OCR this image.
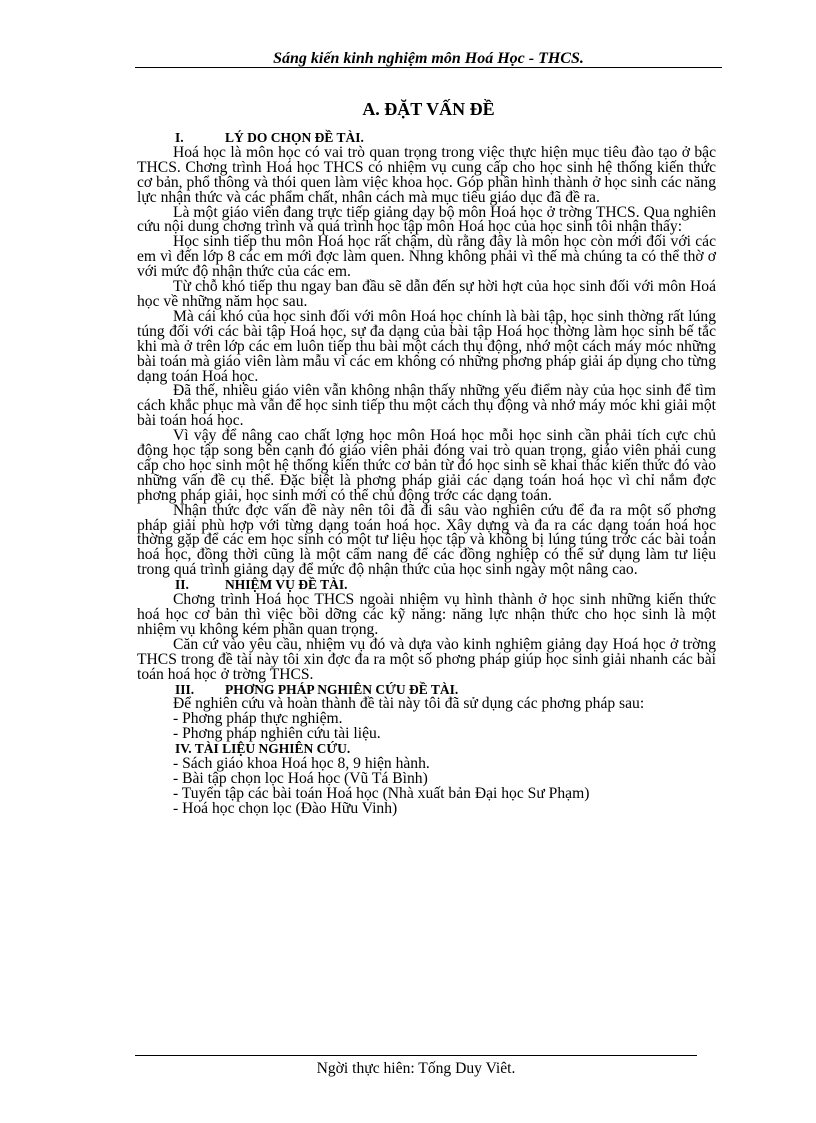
Sáng kiến kinh nghiệm môn Hoá Học - THCS.
A. ĐẶT VẤN ĐỀ
I.	LÝ DO CHỌN ĐỀ TÀI.

Hoá học là môn học có vai trò quan trọng trong việc thực hiện mục tiêu đào tạo ở bậc THCS. Chơng trình Hoá học THCS có nhiệm vụ cung cấp cho học sinh hệ thống kiến thức cơ bản, phổ thông và thói quen làm việc khoa học. Góp phần hình thành ở học sinh các năng lực nhận thức và các phẩm chất, nhân cách mà mục tiêu giáo dục đã đề ra.

Là một giáo viên đang trực tiếp giảng dạy bộ môn Hoá học ở trờng THCS. Qua nghiên cứu nội dung chơng trình và quá trình học tập môn Hoá học của học sinh tôi nhận thấy:

Học sinh tiếp thu môn Hoá học rất chậm, dù rằng đây là môn học còn mới đối với các em vì đến lớp 8 các em mới đợc làm quen. Nhng không phải vì thế mà chúng ta có thể thờ ơ với mức độ nhận thức của các em.

Từ chỗ khó tiếp thu ngay ban đầu sẽ dẫn đến sự hời hợt của học sinh đối với môn Hoá học về những năm học sau.

Mà cái khó của học sinh đối với môn Hoá học chính là bài tập, học sinh thờng rất lúng túng đối với các bài tập Hoá học, sự đa dạng của bài tập Hoá học thờng làm học sinh bế tắc khi mà ở trên lớp các em luôn tiếp thu bài một cách thụ động, nhớ một cách máy móc những bài toán mà giáo viên làm mẫu vì các em không có những phơng pháp giải áp dụng cho từng dạng toán Hoá học.

Đã thế, nhiều giáo viên vẫn không nhận thấy những yếu điểm này của học sinh để tìm cách khắc phục mà vẫn để học sinh tiếp thu một cách thụ động và nhớ máy móc khi giải một bài toán hoá học.

Vì vậy để nâng cao chất lợng học môn Hoá học mỗi học sinh cần phải tích cực chủ động học tập song bên cạnh đó giáo viên phải đóng vai trò quan trọng, giáo viên phải cung cấp cho học sinh một hệ thống kiến thức cơ bản từ đó học sinh sẽ khai thác kiến thức đó vào những vấn đề cụ thể. Đặc biệt là phơng pháp giải các dạng toán hoá học vì chỉ nắm đợc phơng pháp giải, học sinh mới có thể chủ động trớc các dạng toán.

Nhận thức đợc vấn đề này nên tôi đã đi sâu vào nghiên cứu để đa ra một số phơng pháp giải phù hợp với từng dạng toán hoá học. Xây dựng và đa ra các dạng toán hoá học thờng gặp để các em học sinh có một tư liệu học tập và không bị lúng túng trớc các bài toán hoá học, đồng thời cũng là một cẩm nang để các đồng nghiệp có thể sử dụng làm tư liệu trong quá trình giảng dạy để mức độ nhận thức của học sinh ngày một nâng cao.

II.	NHIỆM VỤ ĐỀ TÀI.

Chơng trình Hoá học THCS ngoài nhiệm vụ hình thành ở học sinh những kiến thức hoá học cơ bản thì việc bồi dỡng các kỹ năng: năng lực nhận thức cho học sinh là một nhiệm vụ không kém phần quan trọng.

Căn cứ vào yêu cầu, nhiệm vụ đó và dựa vào kinh nghiệm giảng dạy Hoá học ở trờng THCS trong đề tài này tôi xin đợc đa ra một số phơng pháp giúp học sinh giải nhanh các bài toán hoá học ở trờng THCS.

III. PHƠNG PHÁP NGHIÊN CỨU ĐỀ TÀI.

Để nghiên cứu và hoàn thành đề tài này tôi đã sử dụng các phơng pháp sau:

- Phơng pháp thực nghiệm.
- Phơng pháp nghiên cứu tài liệu.
IV. TÀI LIỆU NGHIÊN CỨU.
- Sách giáo khoa Hoá học 8, 9 hiện hành.
- Bài tập chọn lọc Hoá học (Vũ Tá Bình)
- Tuyển tập các bài toán Hoá học (Nhà xuất bản Đại học Sư Phạm)
- Hoá học chọn lọc (Đào Hữu Vinh)
Ngời thực hiên: Tống Duy Viêt.
